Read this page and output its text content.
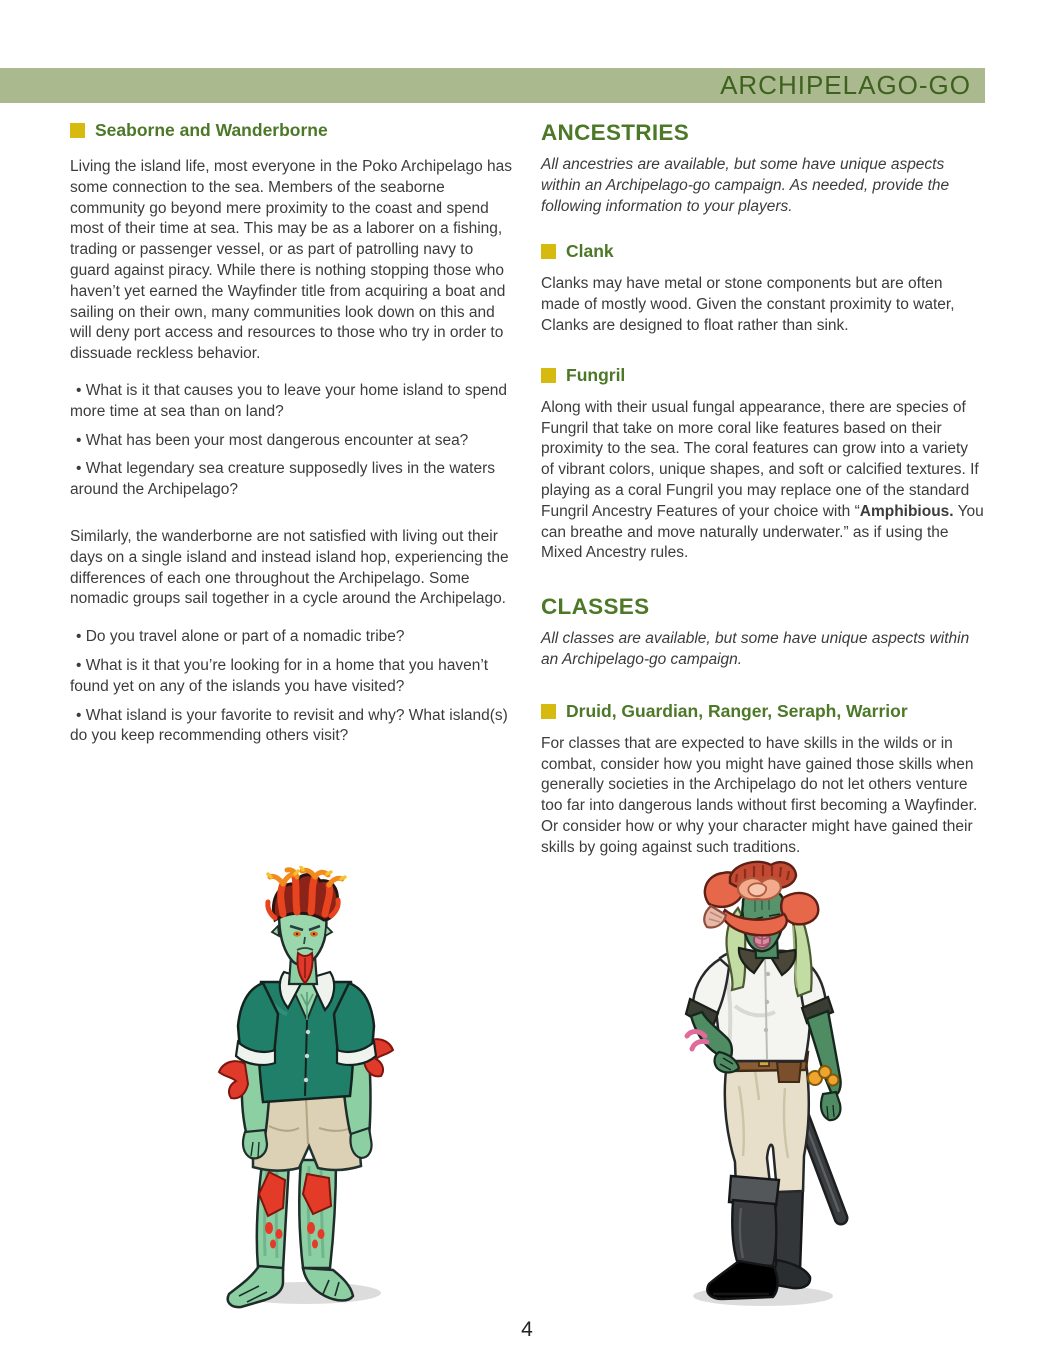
ARCHIPELAGO-GO
Seaborne and Wanderborne

Living the island life, most everyone in the Poko Archipelago has some connection to the sea. Members of the seaborne community go beyond mere proximity to the coast and spend most of their time at sea. This may be as a laborer on a fishing, trading or passenger vessel, or as part of patrolling navy to guard against piracy. While there is nothing stopping those who haven’t yet earned the Wayfinder title from acquiring a boat and sailing on their own, many communities look down on this and will deny port access and resources to those who try in order to dissuade reckless behavior.

• What is it that causes you to leave your home island to spend more time at sea than on land?
• What has been your most dangerous encounter at sea?
• What legendary sea creature supposedly lives in the waters around the Archipelago?

Similarly, the wanderborne are not satisfied with living out their days on a single island and instead island hop, experiencing the differences of each one throughout the Archipelago. Some nomadic groups sail together in a cycle around the Archipelago.

• Do you travel alone or part of a nomadic tribe?
• What is it that you’re looking for in a home that you haven’t found yet on any of the islands you have visited?
• What island is your favorite to revisit and why? What island(s) do you keep recommending others visit?
ANCESTRIES

All ancestries are available, but some have unique aspects within an Archipelago-go campaign. As needed, provide the following information to your players.

Clank

Clanks may have metal or stone components but are often made of mostly wood. Given the constant proximity to water, Clanks are designed to float rather than sink.

Fungril

Along with their usual fungal appearance, there are species of Fungril that take on more coral like features based on their proximity to the sea. The coral features can grow into a variety of vibrant colors, unique shapes, and soft or calcified textures. If playing as a coral Fungril you may replace one of the standard Fungril Ancestry Features of your choice with “Amphibious. You can breathe and move naturally underwater.” as if using the Mixed Ancestry rules.

CLASSES

All classes are available, but some have unique aspects within an Archipelago-go campaign.

Druid, Guardian, Ranger, Seraph, Warrior

For classes that are expected to have skills in the wilds or in combat, consider how you might have gained those skills when generally societies in the Archipelago do not let others venture too far into dangerous lands without first becoming a Wayfinder. Or consider how or why your character might have gained their skills by going against such traditions.

4
